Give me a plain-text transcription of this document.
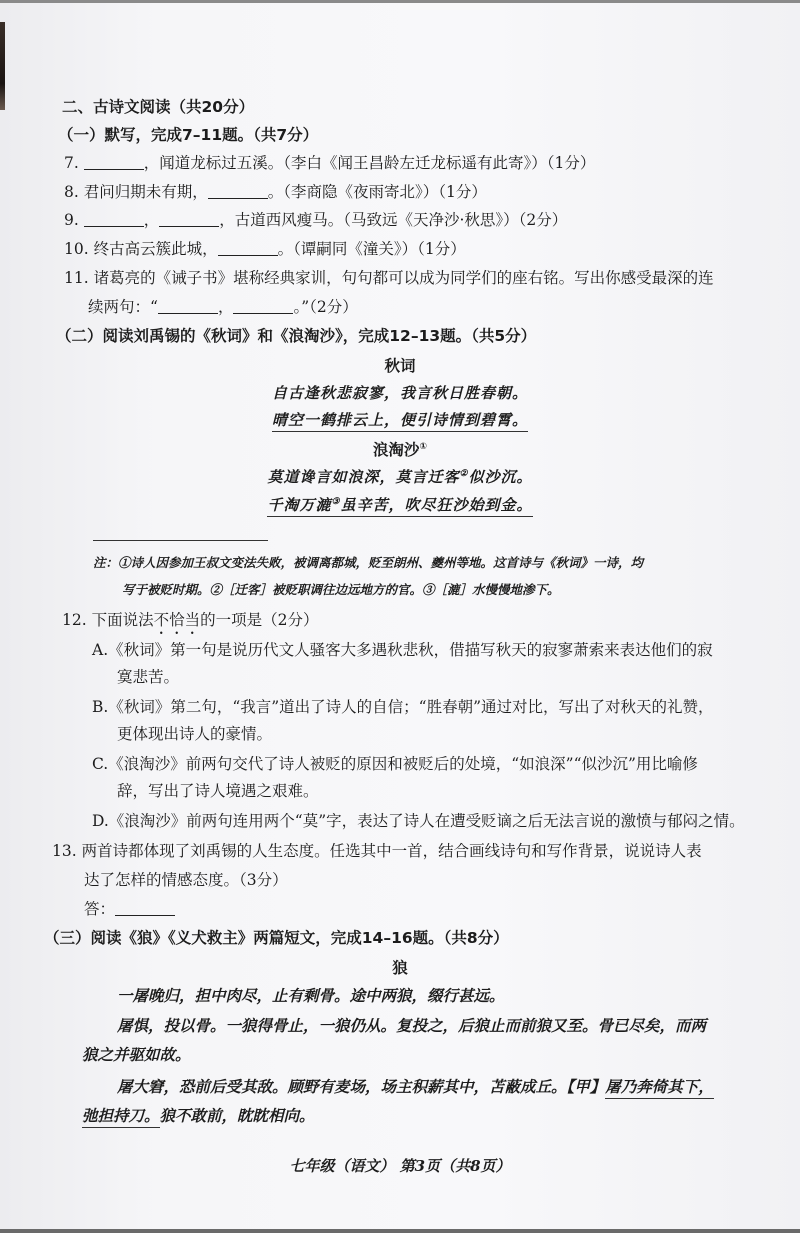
二、古诗文阅读（共20分）
（一）默写，完成7–11题。（共7分）
7.	，闻道龙标过五溪。（李白《闻王昌龄左迁龙标遥有此寄》）（1分）
8. 君问归期未有期，	。（李商隐《夜雨寄北》）（1分）
9.	，	，古道西风瘦马。（马致远《天净沙·秋思》）（2分）
10. 终古高云簇此城，	。（谭嗣同《潼关》）（1分）
11. 诸葛亮的《诫子书》堪称经典家训，句句都可以成为同学们的座右铭。写出你感受最深的连
续两句：“	，	。”（2分）
（二）阅读刘禹锡的《秋词》和《浪淘沙》，完成12–13题。（共5分）
秋词
自古逢秋悲寂寥，我言秋日胜春朝。
晴空一鹤排云上，便引诗情到碧霄。
浪淘沙①
莫道谗言如浪深，莫言迁客②似沙沉。
千淘万漉③虽辛苦，吹尽狂沙始到金。
注：①诗人因参加王叔文变法失败，被调离都城，贬至朗州、夔州等地。这首诗与《秋词》一诗，均
写于被贬时期。②［迁客］被贬职调往边远地方的官。③［漉］水慢慢地渗下。
12. 下面说法不恰当的一项是（2分）
A.《秋词》第一句是说历代文人骚客大多遇秋悲秋，借描写秋天的寂寥萧索来表达他们的寂
寞悲苦。
B.《秋词》第二句，“我言”道出了诗人的自信；“胜春朝”通过对比，写出了对秋天的礼赞，
更体现出诗人的豪情。
C.《浪淘沙》前两句交代了诗人被贬的原因和被贬后的处境，“如浪深”“似沙沉”用比喻修
辞，写出了诗人境遇之艰难。
D.《浪淘沙》前两句连用两个“莫”字，表达了诗人在遭受贬谪之后无法言说的激愤与郁闷之情。
13. 两首诗都体现了刘禹锡的人生态度。任选其中一首，结合画线诗句和写作背景，说说诗人表
达了怎样的情感态度。（3分）
答：
（三）阅读《狼》《义犬救主》两篇短文，完成14–16题。（共8分）
狼
一屠晚归，担中肉尽，止有剩骨。途中两狼，缀行甚远。
屠惧，投以骨。一狼得骨止，一狼仍从。复投之，后狼止而前狼又至。骨已尽矣，而两
狼之并驱如故。
屠大窘，恐前后受其敌。顾野有麦场，场主积薪其中，苫蔽成丘。【甲】屠乃奔倚其下，
弛担持刀。狼不敢前，眈眈相向。
七年级（语文） 第3页（共8页）
